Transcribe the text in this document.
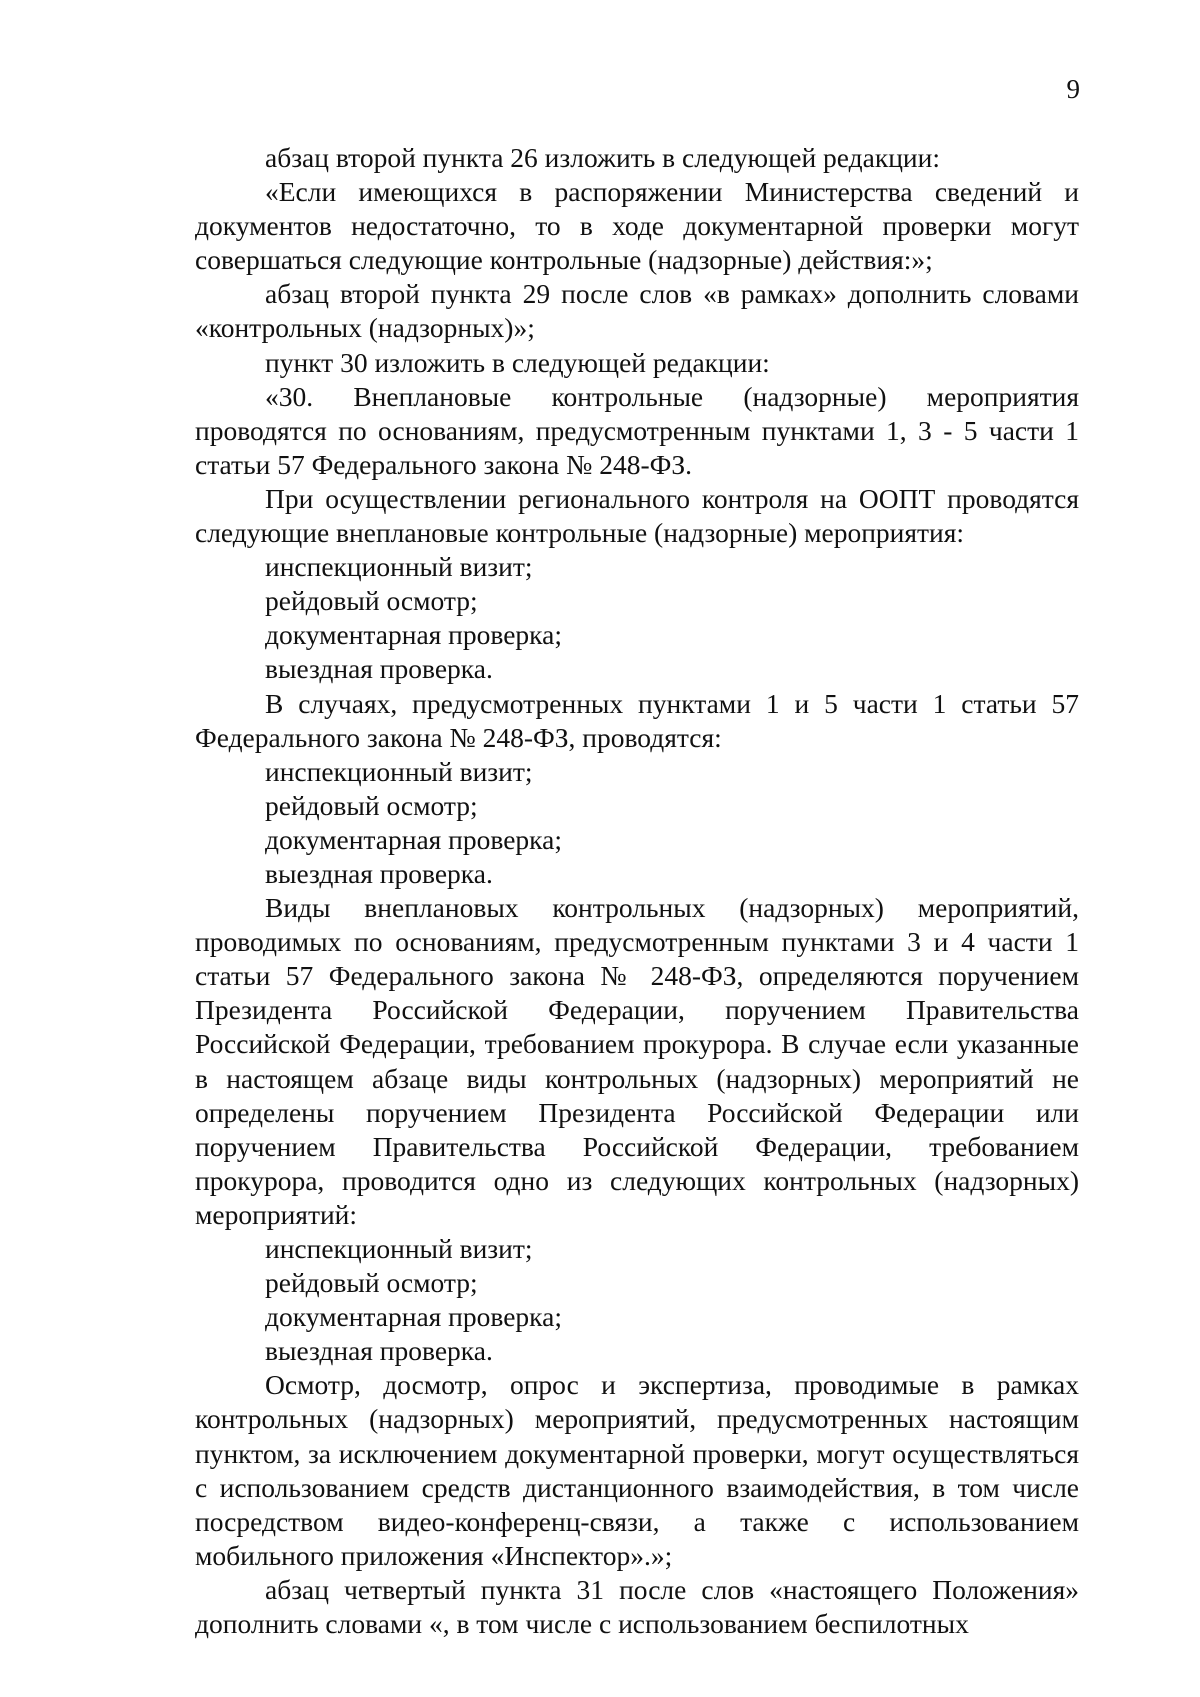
9

абзац второй пункта 26 изложить в следующей редакции:

«Если имеющихся в распоряжении Министерства сведений и документов недостаточно, то в ходе документарной проверки могут совершаться следующие контрольные (надзорные) действия:»;

абзац второй пункта 29 после слов «в рамках» дополнить словами «контрольных (надзорных)»;

пункт 30 изложить в следующей редакции:

«30. Внеплановые контрольные (надзорные) мероприятия проводятся по основаниям, предусмотренным пунктами 1, 3 - 5 части 1 статьи 57 Федерального закона № 248-ФЗ.

При осуществлении регионального контроля на ООПТ проводятся следующие внеплановые контрольные (надзорные) мероприятия:

инспекционный визит;

рейдовый осмотр;

документарная проверка;

выездная проверка.

В случаях, предусмотренных пунктами 1 и 5 части 1 статьи 57 Федерального закона № 248-ФЗ, проводятся:

инспекционный визит;

рейдовый осмотр;

документарная проверка;

выездная проверка.

Виды внеплановых контрольных (надзорных) мероприятий, проводимых по основаниям, предусмотренным пунктами 3 и 4 части 1 статьи 57 Федерального закона № 248-ФЗ, определяются поручением Президента Российской Федерации, поручением Правительства Российской Федерации, требованием прокурора. В случае если указанные в настоящем абзаце виды контрольных (надзорных) мероприятий не определены поручением Президента Российской Федерации или поручением Правительства Российской Федерации, требованием прокурора, проводится одно из следующих контрольных (надзорных) мероприятий:

инспекционный визит;

рейдовый осмотр;

документарная проверка;

выездная проверка.

Осмотр, досмотр, опрос и экспертиза, проводимые в рамках контрольных (надзорных) мероприятий, предусмотренных настоящим пунктом, за исключением документарной проверки, могут осуществляться с использованием средств дистанционного взаимодействия, в том числе посредством видео-конференц-связи, а также с использованием мобильного приложения «Инспектор».»;

абзац четвертый пункта 31 после слов «настоящего Положения» дополнить словами «, в том числе с использованием беспилотных
